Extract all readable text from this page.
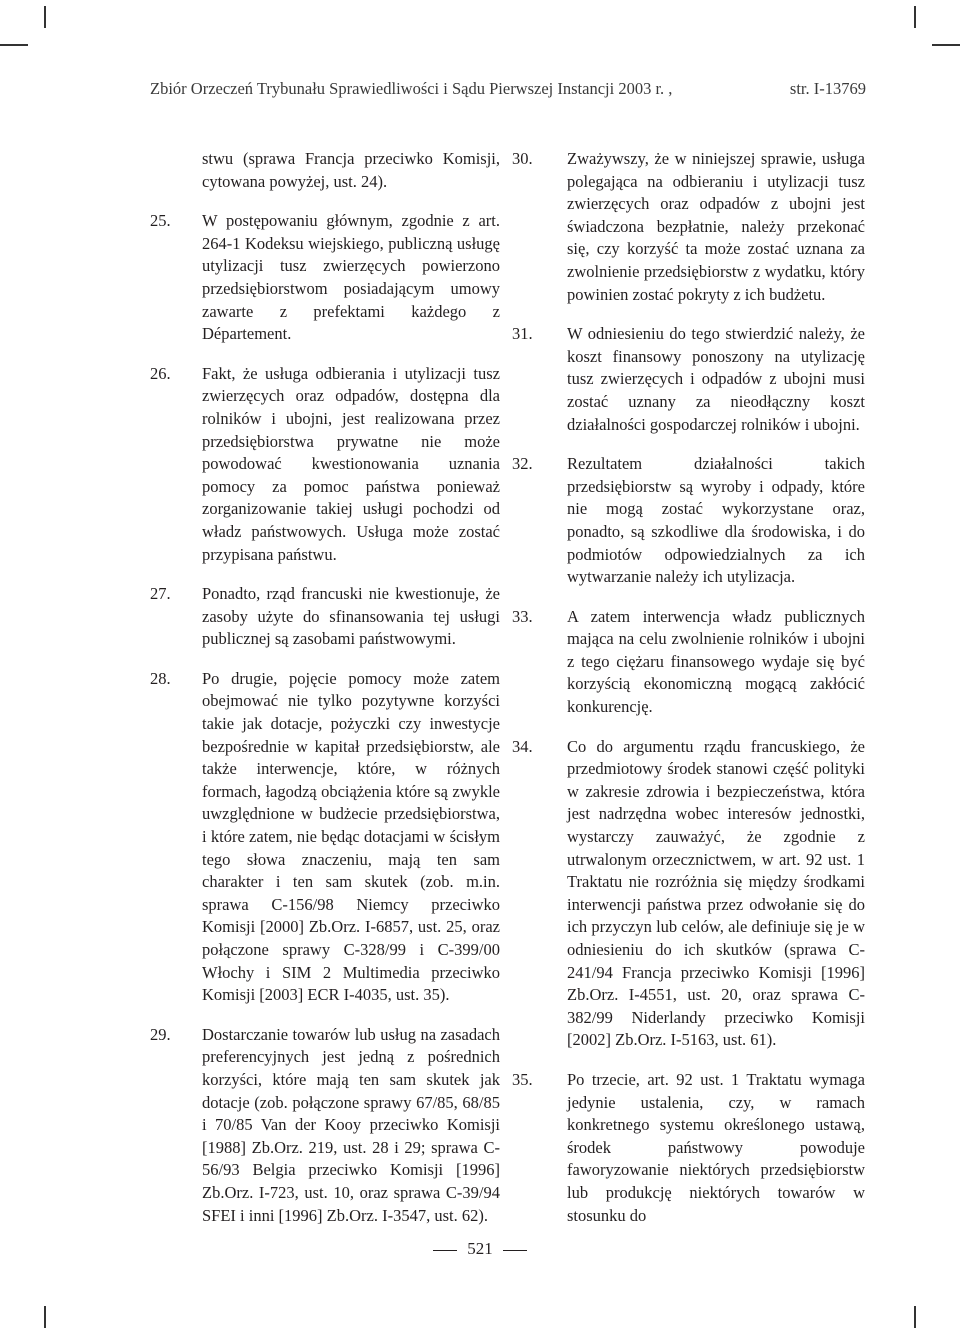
Zbiór Orzeczeń Trybunału Sprawiedliwości i Sądu Pierwszej Instancji 2003 r. ,	str. I-13769
stwu (sprawa Francja przeciwko Komisji, cytowana powyżej, ust. 24).
25. W postępowaniu głównym, zgodnie z art. 264-1 Kodeksu wiejskiego, publiczną usługę utylizacji tusz zwierzęcych powierzono przedsiębiorstwom posiadającym umowy zawarte z prefektami każdego z Département.
26. Fakt, że usługa odbierania i utylizacji tusz zwierzęcych oraz odpadów, dostępna dla rolników i ubojni, jest realizowana przez przedsiębiorstwa prywatne nie może powodować kwestionowania uznania pomocy za pomoc państwa ponieważ zorganizowanie takiej usługi pochodzi od władz państwowych. Usługa może zostać przypisana państwu.
27. Ponadto, rząd francuski nie kwestionuje, że zasoby użyte do sfinansowania tej usługi publicznej są zasobami państwowymi.
28. Po drugie, pojęcie pomocy może zatem obejmować nie tylko pozytywne korzyści takie jak dotacje, pożyczki czy inwestycje bezpośrednie w kapitał przedsiębiorstw, ale także interwencje, które, w różnych formach, łagodzą obciążenia które są zwykle uwzględnione w budżecie przedsiębiorstwa, i które zatem, nie będąc dotacjami w ścisłym tego słowa znaczeniu, mają ten sam charakter i ten sam skutek (zob. m.in. sprawa C-156/98 Niemcy przeciwko Komisji [2000] Zb.Orz. I-6857, ust. 25, oraz połączone sprawy C-328/99 i C-399/00 Włochy i SIM 2 Multimedia przeciwko Komisji [2003] ECR I-4035, ust. 35).
29. Dostarczanie towarów lub usług na zasadach preferencyjnych jest jedną z pośrednich korzyści, które mają ten sam skutek jak dotacje (zob. połączone sprawy 67/85, 68/85 i 70/85 Van der Kooy przeciwko Komisji [1988] Zb.Orz. 219, ust. 28 i 29; sprawa C-56/93 Belgia przeciwko Komisji [1996] Zb.Orz. I-723, ust. 10, oraz sprawa C-39/94 SFEI i inni [1996] Zb.Orz. I-3547, ust. 62).
30. Zważywszy, że w niniejszej sprawie, usługa polegająca na odbieraniu i utylizacji tusz zwierzęcych oraz odpadów z ubojni jest świadczona bezpłatnie, należy przekonać się, czy korzyść ta może zostać uznana za zwolnienie przedsiębiorstw z wydatku, który powinien zostać pokryty z ich budżetu.
31. W odniesieniu do tego stwierdzić należy, że koszt finansowy ponoszony na utylizację tusz zwierzęcych i odpadów z ubojni musi zostać uznany za nieodłączny koszt działalności gospodarczej rolników i ubojni.
32. Rezultatem działalności takich przedsiębiorstw są wyroby i odpady, które nie mogą zostać wykorzystane oraz, ponadto, są szkodliwe dla środowiska, i do podmiotów odpowiedzialnych za ich wytwarzanie należy ich utylizacja.
33. A zatem interwencja władz publicznych mająca na celu zwolnienie rolników i ubojni z tego ciężaru finansowego wydaje się być korzyścią ekonomiczną mogącą zakłócić konkurencję.
34. Co do argumentu rządu francuskiego, że przedmiotowy środek stanowi część polityki w zakresie zdrowia i bezpieczeństwa, która jest nadrzędna wobec interesów jednostki, wystarczy zauważyć, że zgodnie z utrwalonym orzecznictwem, w art. 92 ust. 1 Traktatu nie rozróżnia się między środkami interwencji państwa przez odwołanie się do ich przyczyn lub celów, ale definiuje się je w odniesieniu do ich skutków (sprawa C-241/94 Francja przeciwko Komisji [1996] Zb.Orz. I-4551, ust. 20, oraz sprawa C-382/99 Niderlandy przeciwko Komisji [2002] Zb.Orz. I-5163, ust. 61).
35. Po trzecie, art. 92 ust. 1 Traktatu wymaga jedynie ustalenia, czy, w ramach konkretnego systemu określonego ustawą, środek państwowy powoduje faworyzowanie niektórych przedsiębiorstw lub produkcję niektórych towarów w stosunku do
521
